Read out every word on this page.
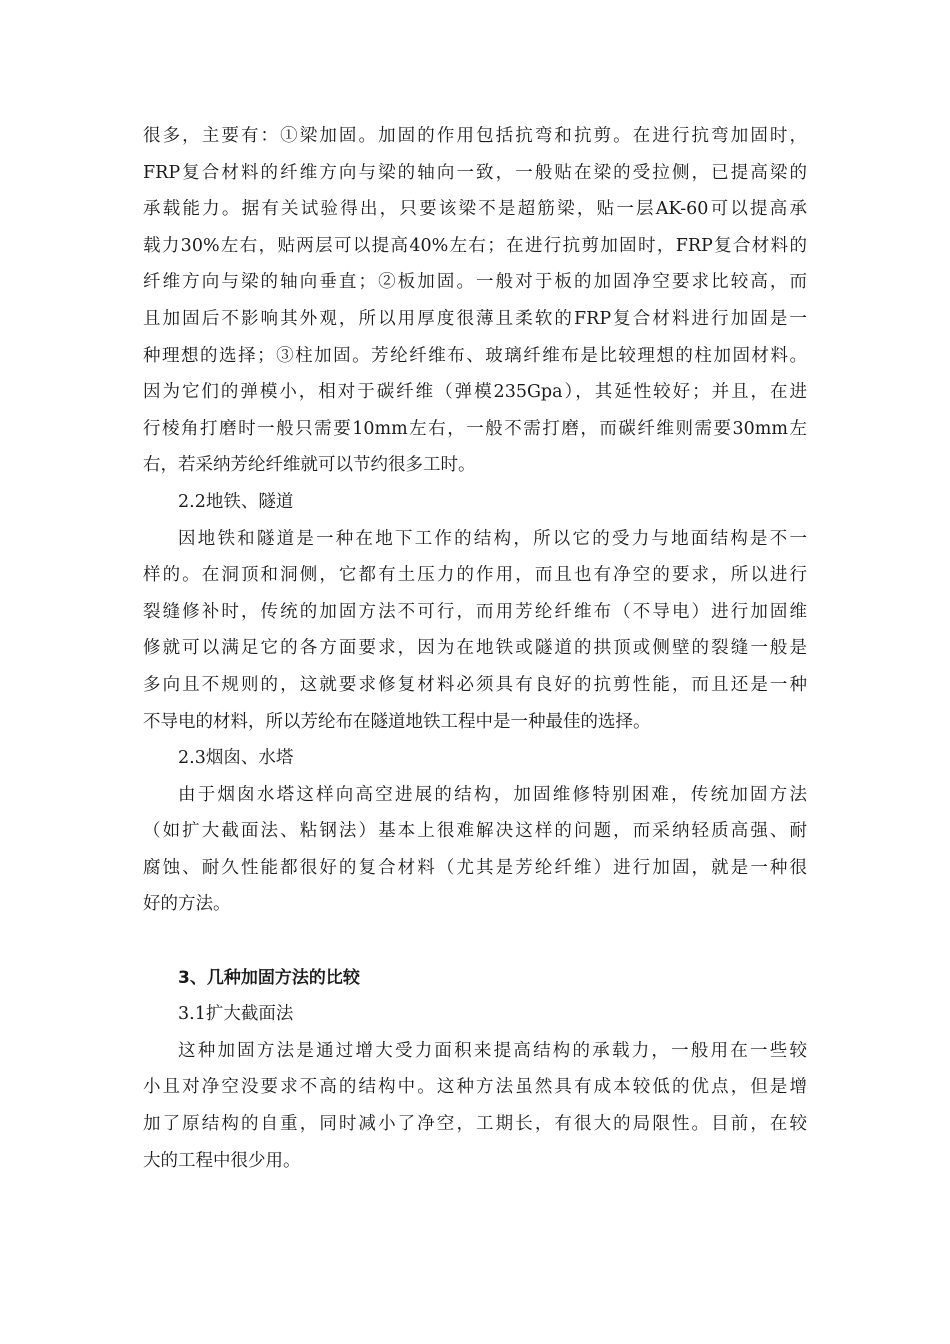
很多，主要有：①梁加固。加固的作用包括抗弯和抗剪。在进行抗弯加固时，
FRP复合材料的纤维方向与梁的轴向一致，一般贴在梁的受拉侧，已提高梁的
承载能力。据有关试验得出，只要该梁不是超筋梁，贴一层AK-60可以提高承
载力30%左右，贴两层可以提高40%左右；在进行抗剪加固时，FRP复合材料的
纤维方向与梁的轴向垂直；②板加固。一般对于板的加固净空要求比较高，而
且加固后不影响其外观，所以用厚度很薄且柔软的FRP复合材料进行加固是一
种理想的选择；③柱加固。芳纶纤维布、玻璃纤维布是比较理想的柱加固材料。
因为它们的弹模小，相对于碳纤维（弹模235Gpa），其延性较好；并且，在进
行棱角打磨时一般只需要10mm左右，一般不需打磨，而碳纤维则需要30mm左
右，若采纳芳纶纤维就可以节约很多工时。
2.2地铁、隧道
因地铁和隧道是一种在地下工作的结构，所以它的受力与地面结构是不一
样的。在洞顶和洞侧，它都有土压力的作用，而且也有净空的要求，所以进行
裂缝修补时，传统的加固方法不可行，而用芳纶纤维布（不导电）进行加固维
修就可以满足它的各方面要求，因为在地铁或隧道的拱顶或侧壁的裂缝一般是
多向且不规则的，这就要求修复材料必须具有良好的抗剪性能，而且还是一种
不导电的材料，所以芳纶布在隧道地铁工程中是一种最佳的选择。
2.3烟囱、水塔
由于烟囱水塔这样向高空进展的结构，加固维修特别困难，传统加固方法
（如扩大截面法、粘钢法）基本上很难解决这样的问题，而采纳轻质高强、耐
腐蚀、耐久性能都很好的复合材料（尤其是芳纶纤维）进行加固，就是一种很
好的方法。
3、几种加固方法的比较
3.1扩大截面法
这种加固方法是通过增大受力面积来提高结构的承载力，一般用在一些较
小且对净空没要求不高的结构中。这种方法虽然具有成本较低的优点，但是增
加了原结构的自重，同时减小了净空，工期长，有很大的局限性。目前，在较
大的工程中很少用。
